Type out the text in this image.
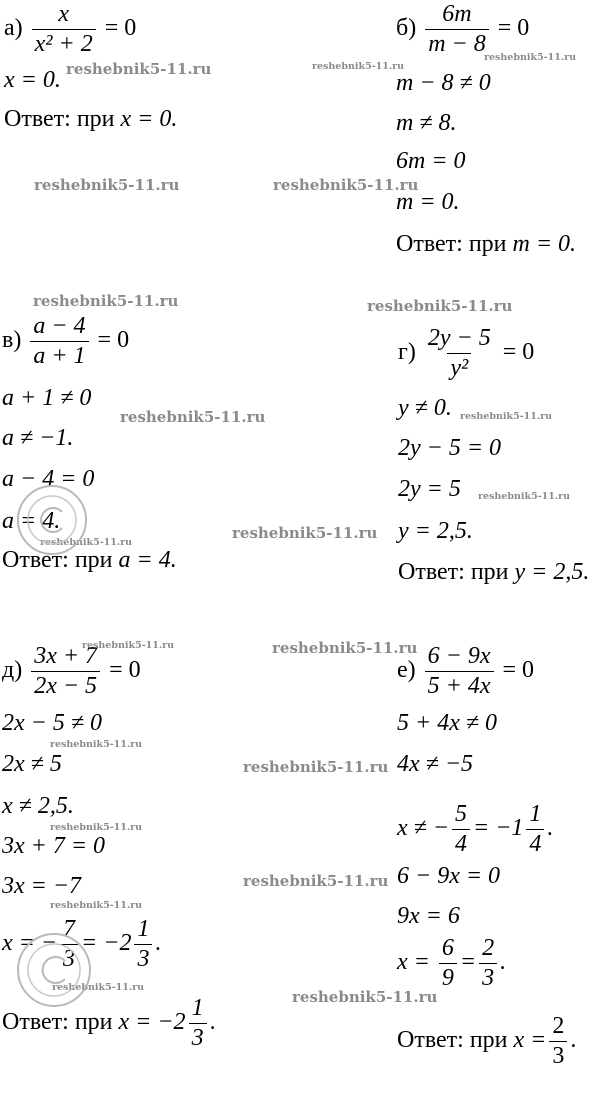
$а) \frac{x}{\text{x² + 2}} = 0$
x = 0.
Ответ: при x = 0.
$б) \frac{6m}{m - 8} = 0$
m − 8 ≠ 0
m ≠ 8.
6m = 0
m = 0.
Ответ: при m = 0.
$в) \frac{a - 4}{a + 1} = 0$
a + 1 ≠ 0
a ≠ −1.
a − 4 = 0
a = 4.
Ответ: при a = 4.
$г) \frac{2y - 5}{\text{y²}} = 0$
y ≠ 0.
2y − 5 = 0
2y = 5
y = 2,5.
Ответ: при y = 2,5.
$д) \frac{3x + 7}{2x - 5} = 0$
2x − 5 ≠ 0
2x ≠ 5
x ≠ 2,5.
3x + 7 = 0
3x = −7
x = − $\frac{7}{3} = -2 \frac{1}{3}$ .
Ответ: при $x = -2 \frac{1}{3}$ .
$е) \frac{6 - 9x}{5 + 4x} = 0$
5 + 4x ≠ 0
4x ≠ −5
x ≠ − $\frac{5}{4} = -1 \frac{1}{4}$ .
6 − 9x = 0
9x = 6
$x = \frac{6}{9} = \frac{2}{3}$ .
Ответ: при $x = \frac{2}{3}$ .
reshebnik5-11.ru	reshebnik5-11.ru
reshebnik5-11.ru
reshebnik5-11.ru	reshebnik5-11.ru
reshebnik5-11.ru	reshebnik5-11.ru
reshebnik5-11.ru	reshebnik5-11.ru
reshebnik5-11.ru
reshebnik5-11.ru
reshebnik5-11.ru
reshebnik5-11.ru	reshebnik5-11.ru
reshebnik5-11.ru
reshebnik5-11.ru
reshebnik5-11.ru
reshebnik5-11.ru
reshebnik5-11.ru
reshebnik5-11.ru
reshebnik5-11.ru
